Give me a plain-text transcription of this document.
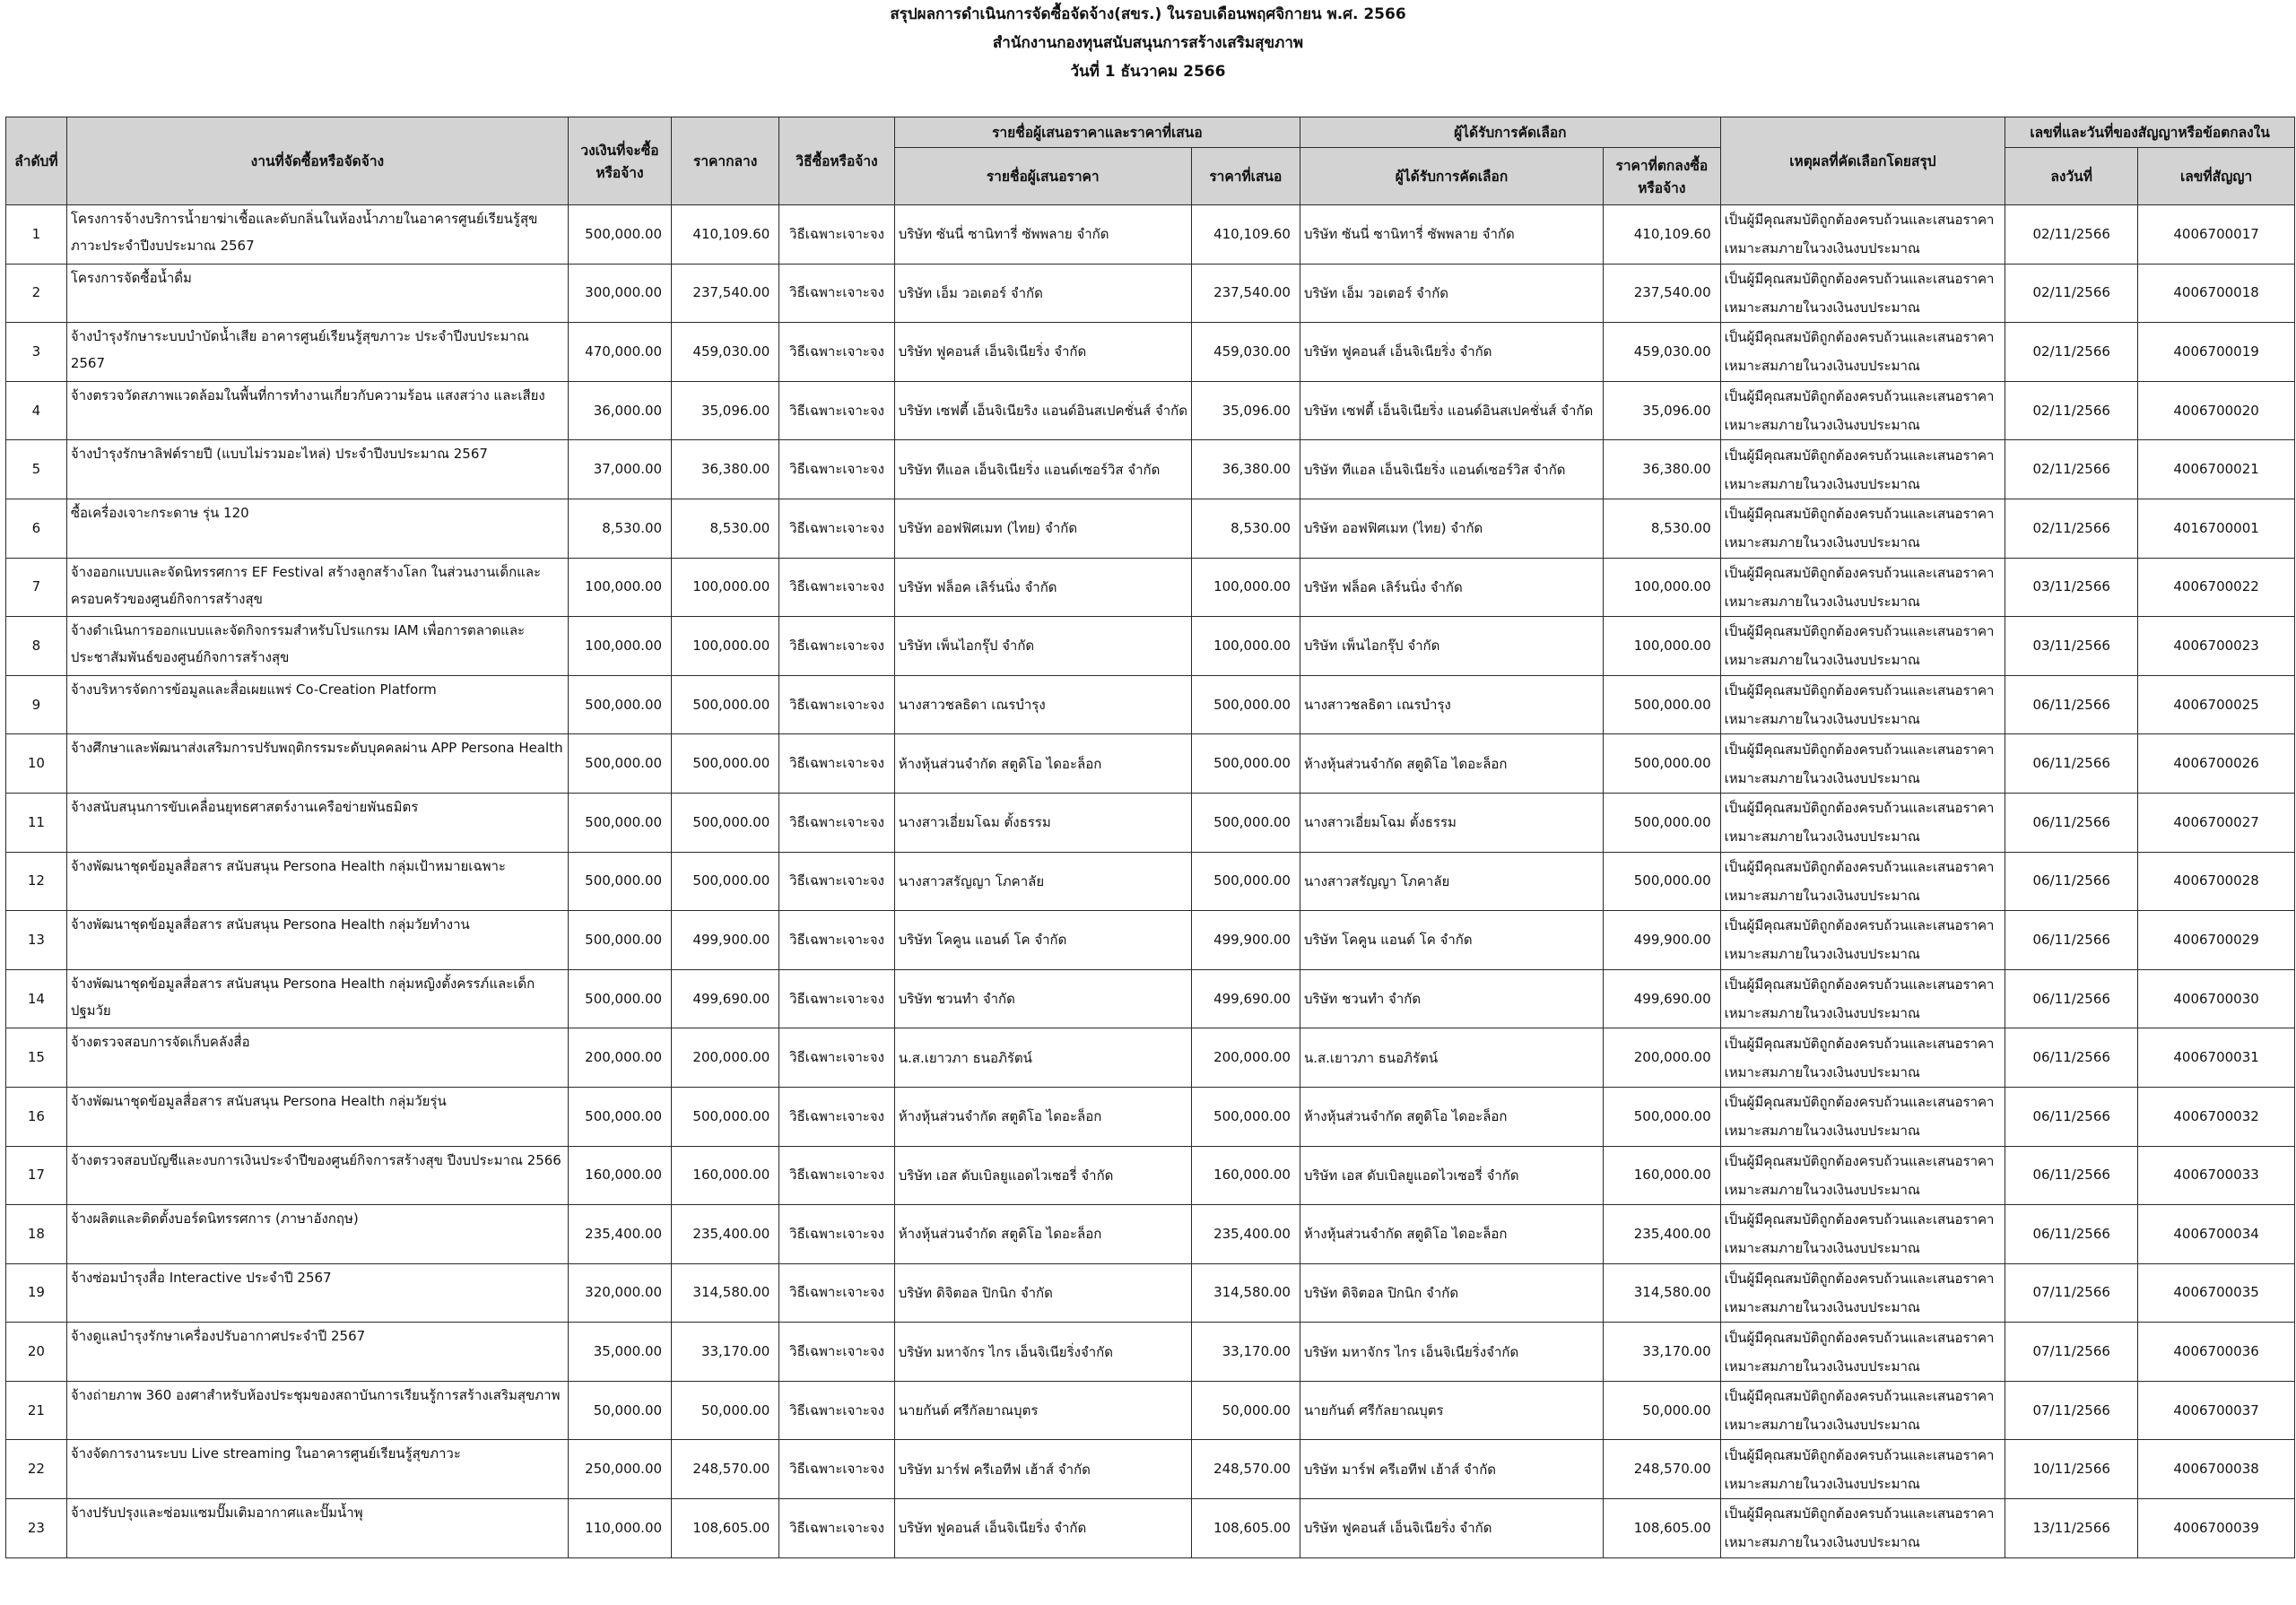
สรุปผลการดำเนินการจัดซื้อจัดจ้าง(สขร.) ในรอบเดือนพฤศจิกายน พ.ศ. 2566
สำนักงานกองทุนสนับสนุนการสร้างเสริมสุขภาพ
วันที่ 1 ธันวาคม 2566
ลำดับที่	งานที่จัดซื้อหรือจัดจ้าง	วงเงินที่จะซื้อหรือจ้าง	ราคากลาง	วิธีซื้อหรือจ้าง	รายชื่อผู้เสนอราคาและราคาที่เสนอ		ผู้ได้รับการคัดเลือก		เหตุผลที่คัดเลือกโดยสรุป	เลขที่และวันที่ของสัญญาหรือข้อตกลงใน	
					รายชื่อผู้เสนอราคา	ราคาที่เสนอ	ผู้ได้รับการคัดเลือก	ราคาที่ตกลงซื้อหรือจ้าง		ลงวันที่	เลขที่สัญญา
1	โครงการจ้างบริการน้ำยาฆ่าเชื้อและดับกลิ่นในห้องน้ำภายในอาคารศูนย์เรียนรู้สุขภาวะประจำปีงบประมาณ 2567	500,000.00	410,109.60	วิธีเฉพาะเจาะจง	บริษัท ซันนี่ ซานิทารี่ ซัพพลาย จำกัด	410,109.60	บริษัท ซันนี่ ซานิทารี่ ซัพพลาย จำกัด	410,109.60	เป็นผู้มีคุณสมบัติถูกต้องครบถ้วนและเสนอราคาเหมาะสมภายในวงเงินงบประมาณ	02/11/2566	4006700017
2	โครงการจัดซื้อน้ำดื่ม	300,000.00	237,540.00	วิธีเฉพาะเจาะจง	บริษัท เอ็ม วอเตอร์ จำกัด	237,540.00	บริษัท เอ็ม วอเตอร์ จำกัด	237,540.00	เป็นผู้มีคุณสมบัติถูกต้องครบถ้วนและเสนอราคาเหมาะสมภายในวงเงินงบประมาณ	02/11/2566	4006700018
3	จ้างบำรุงรักษาระบบบำบัดน้ำเสีย อาคารศูนย์เรียนรู้สุขภาวะ ประจำปีงบประมาณ 2567	470,000.00	459,030.00	วิธีเฉพาะเจาะจง	บริษัท ฟูคอนส์ เอ็นจิเนียริ่ง จำกัด	459,030.00	บริษัท ฟูคอนส์ เอ็นจิเนียริ่ง จำกัด	459,030.00	เป็นผู้มีคุณสมบัติถูกต้องครบถ้วนและเสนอราคาเหมาะสมภายในวงเงินงบประมาณ	02/11/2566	4006700019
4	จ้างตรวจวัดสภาพแวดล้อมในพื้นที่การทำงานเกี่ยวกับความร้อน แสงสว่าง และเสียง	36,000.00	35,096.00	วิธีเฉพาะเจาะจง	บริษัท เซฟตี้ เอ็นจิเนียริง แอนด์อินสเปคชั่นส์ จำกัด	35,096.00	บริษัท เซฟตี้ เอ็นจิเนียริ่ง แอนด์อินสเปคชั่นส์ จำกัด	35,096.00	เป็นผู้มีคุณสมบัติถูกต้องครบถ้วนและเสนอราคาเหมาะสมภายในวงเงินงบประมาณ	02/11/2566	4006700020
5	จ้างบำรุงรักษาลิฟต์รายปี (แบบไม่รวมอะไหล่) ประจำปีงบประมาณ 2567	37,000.00	36,380.00	วิธีเฉพาะเจาะจง	บริษัท ทีแอล เอ็นจิเนียริ่ง แอนด์เซอร์วิส จำกัด	36,380.00	บริษัท ทีแอล เอ็นจิเนียริ่ง แอนด์เซอร์วิส จำกัด	36,380.00	เป็นผู้มีคุณสมบัติถูกต้องครบถ้วนและเสนอราคาเหมาะสมภายในวงเงินงบประมาณ	02/11/2566	4006700021
6	ซื้อเครื่องเจาะกระดาษ รุ่น 120	8,530.00	8,530.00	วิธีเฉพาะเจาะจง	บริษัท ออฟฟิศเมท (ไทย) จำกัด	8,530.00	บริษัท ออฟฟิศเมท (ไทย) จำกัด	8,530.00	เป็นผู้มีคุณสมบัติถูกต้องครบถ้วนและเสนอราคาเหมาะสมภายในวงเงินงบประมาณ	02/11/2566	4016700001
7	จ้างออกแบบและจัดนิทรรศการ EF Festival สร้างลูกสร้างโลก ในส่วนงานเด็กและครอบครัวของศูนย์กิจการสร้างสุข	100,000.00	100,000.00	วิธีเฉพาะเจาะจง	บริษัท ฟล็อค เลิร์นนิ่ง จำกัด	100,000.00	บริษัท ฟล็อค เลิร์นนิ่ง จำกัด	100,000.00	เป็นผู้มีคุณสมบัติถูกต้องครบถ้วนและเสนอราคาเหมาะสมภายในวงเงินงบประมาณ	03/11/2566	4006700022
8	จ้างดำเนินการออกแบบและจัดกิจกรรมสำหรับโปรแกรม IAM เพื่อการตลาดและประชาสัมพันธ์ของศูนย์กิจการสร้างสุข	100,000.00	100,000.00	วิธีเฉพาะเจาะจง	บริษัท เพ็นไอกรุ๊ป จำกัด	100,000.00	บริษัท เพ็นไอกรุ๊ป จำกัด	100,000.00	เป็นผู้มีคุณสมบัติถูกต้องครบถ้วนและเสนอราคาเหมาะสมภายในวงเงินงบประมาณ	03/11/2566	4006700023
9	จ้างบริหารจัดการข้อมูลและสื่อเผยแพร่ Co-Creation Platform	500,000.00	500,000.00	วิธีเฉพาะเจาะจง	นางสาวชลธิดา เณรบำรุง	500,000.00	นางสาวชลธิดา เณรบำรุง	500,000.00	เป็นผู้มีคุณสมบัติถูกต้องครบถ้วนและเสนอราคาเหมาะสมภายในวงเงินงบประมาณ	06/11/2566	4006700025
10	จ้างศึกษาและพัฒนาส่งเสริมการปรับพฤติกรรมระดับบุคคลผ่าน APP Persona Health	500,000.00	500,000.00	วิธีเฉพาะเจาะจง	ห้างหุ้นส่วนจำกัด สตูดิโอ ไดอะล็อก	500,000.00	ห้างหุ้นส่วนจำกัด สตูดิโอ ไดอะล็อก	500,000.00	เป็นผู้มีคุณสมบัติถูกต้องครบถ้วนและเสนอราคาเหมาะสมภายในวงเงินงบประมาณ	06/11/2566	4006700026
11	จ้างสนับสนุนการขับเคลื่อนยุทธศาสตร์งานเครือข่ายพันธมิตร	500,000.00	500,000.00	วิธีเฉพาะเจาะจง	นางสาวเอี่ยมโฉม ตั้งธรรม	500,000.00	นางสาวเอี่ยมโฉม ตั้งธรรม	500,000.00	เป็นผู้มีคุณสมบัติถูกต้องครบถ้วนและเสนอราคาเหมาะสมภายในวงเงินงบประมาณ	06/11/2566	4006700027
12	จ้างพัฒนาชุดข้อมูลสื่อสาร สนับสนุน Persona Health กลุ่มเป้าหมายเฉพาะ	500,000.00	500,000.00	วิธีเฉพาะเจาะจง	นางสาวสรัญญา โภคาลัย	500,000.00	นางสาวสรัญญา โภคาลัย	500,000.00	เป็นผู้มีคุณสมบัติถูกต้องครบถ้วนและเสนอราคาเหมาะสมภายในวงเงินงบประมาณ	06/11/2566	4006700028
13	จ้างพัฒนาชุดข้อมูลสื่อสาร สนับสนุน Persona Health กลุ่มวัยทำงาน	500,000.00	499,900.00	วิธีเฉพาะเจาะจง	บริษัท โคคูน แอนด์ โค จำกัด	499,900.00	บริษัท โคคูน แอนด์ โค จำกัด	499,900.00	เป็นผู้มีคุณสมบัติถูกต้องครบถ้วนและเสนอราคาเหมาะสมภายในวงเงินงบประมาณ	06/11/2566	4006700029
14	จ้างพัฒนาชุดข้อมูลสื่อสาร สนับสนุน Persona Health กลุ่มหญิงตั้งครรภ์และเด็กปฐมวัย	500,000.00	499,690.00	วิธีเฉพาะเจาะจง	บริษัท ชวนทำ จำกัด	499,690.00	บริษัท ชวนทำ จำกัด	499,690.00	เป็นผู้มีคุณสมบัติถูกต้องครบถ้วนและเสนอราคาเหมาะสมภายในวงเงินงบประมาณ	06/11/2566	4006700030
15	จ้างตรวจสอบการจัดเก็บคลังสื่อ	200,000.00	200,000.00	วิธีเฉพาะเจาะจง	น.ส.เยาวภา ธนอภิรัตน์	200,000.00	น.ส.เยาวภา ธนอภิรัตน์	200,000.00	เป็นผู้มีคุณสมบัติถูกต้องครบถ้วนและเสนอราคาเหมาะสมภายในวงเงินงบประมาณ	06/11/2566	4006700031
16	จ้างพัฒนาชุดข้อมูลสื่อสาร สนับสนุน Persona Health กลุ่มวัยรุ่น	500,000.00	500,000.00	วิธีเฉพาะเจาะจง	ห้างหุ้นส่วนจำกัด สตูดิโอ ไดอะล็อก	500,000.00	ห้างหุ้นส่วนจำกัด สตูดิโอ ไดอะล็อก	500,000.00	เป็นผู้มีคุณสมบัติถูกต้องครบถ้วนและเสนอราคาเหมาะสมภายในวงเงินงบประมาณ	06/11/2566	4006700032
17	จ้างตรวจสอบบัญชีและงบการเงินประจำปีของศูนย์กิจการสร้างสุข ปีงบประมาณ 2566	160,000.00	160,000.00	วิธีเฉพาะเจาะจง	บริษัท เอส ดับเบิลยูแอดไวเซอรี่ จำกัด	160,000.00	บริษัท เอส ดับเบิลยูแอดไวเซอรี่ จำกัด	160,000.00	เป็นผู้มีคุณสมบัติถูกต้องครบถ้วนและเสนอราคาเหมาะสมภายในวงเงินงบประมาณ	06/11/2566	4006700033
18	จ้างผลิตและติดตั้งบอร์ดนิทรรศการ (ภาษาอังกฤษ)	235,400.00	235,400.00	วิธีเฉพาะเจาะจง	ห้างหุ้นส่วนจำกัด สตูดิโอ ไดอะล็อก	235,400.00	ห้างหุ้นส่วนจำกัด สตูดิโอ ไดอะล็อก	235,400.00	เป็นผู้มีคุณสมบัติถูกต้องครบถ้วนและเสนอราคาเหมาะสมภายในวงเงินงบประมาณ	06/11/2566	4006700034
19	จ้างซ่อมบำรุงสื่อ Interactive ประจำปี 2567	320,000.00	314,580.00	วิธีเฉพาะเจาะจง	บริษัท ดิจิตอล ปิกนิก จำกัด	314,580.00	บริษัท ดิจิตอล ปิกนิก จำกัด	314,580.00	เป็นผู้มีคุณสมบัติถูกต้องครบถ้วนและเสนอราคาเหมาะสมภายในวงเงินงบประมาณ	07/11/2566	4006700035
20	จ้างดูแลบำรุงรักษาเครื่องปรับอากาศประจำปี 2567	35,000.00	33,170.00	วิธีเฉพาะเจาะจง	บริษัท มหาจักร ไกร เอ็นจิเนียริ่งจำกัด	33,170.00	บริษัท มหาจักร ไกร เอ็นจิเนียริ่งจำกัด	33,170.00	เป็นผู้มีคุณสมบัติถูกต้องครบถ้วนและเสนอราคาเหมาะสมภายในวงเงินงบประมาณ	07/11/2566	4006700036
21	จ้างถ่ายภาพ 360 องศาสำหรับห้องประชุมของสถาบันการเรียนรู้การสร้างเสริมสุขภาพ	50,000.00	50,000.00	วิธีเฉพาะเจาะจง	นายกันต์ ศรีกัลยาณบุตร	50,000.00	นายกันต์ ศรีกัลยาณบุตร	50,000.00	เป็นผู้มีคุณสมบัติถูกต้องครบถ้วนและเสนอราคาเหมาะสมภายในวงเงินงบประมาณ	07/11/2566	4006700037
22	จ้างจัดการงานระบบ Live streaming ในอาคารศูนย์เรียนรู้สุขภาวะ	250,000.00	248,570.00	วิธีเฉพาะเจาะจง	บริษัท มาร์ฟ ครีเอทีฟ เฮ้าส์ จำกัด	248,570.00	บริษัท มาร์ฟ ครีเอทีฟ เฮ้าส์ จำกัด	248,570.00	เป็นผู้มีคุณสมบัติถูกต้องครบถ้วนและเสนอราคาเหมาะสมภายในวงเงินงบประมาณ	10/11/2566	4006700038
23	จ้างปรับปรุงและซ่อมแซมปั๊มเติมอากาศและปั๊มน้ำพุ	110,000.00	108,605.00	วิธีเฉพาะเจาะจง	บริษัท ฟูคอนส์ เอ็นจิเนียริ่ง จำกัด	108,605.00	บริษัท ฟูคอนส์ เอ็นจิเนียริ่ง จำกัด	108,605.00	เป็นผู้มีคุณสมบัติถูกต้องครบถ้วนและเสนอราคาเหมาะสมภายในวงเงินงบประมาณ	13/11/2566	4006700039
